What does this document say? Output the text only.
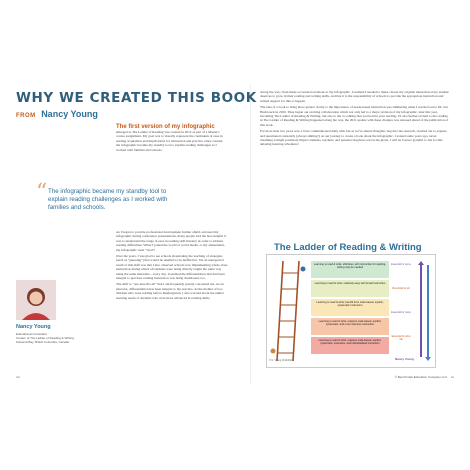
WHY WE CREATED THIS BOOK
FROM Nancy Young
The first version of my infographic emerged as The Ladder of Reading was created in 2012 as part of a Master's course assignment. My goal was to visually represent the continuum of ease in reading acquisition and implications for instruction and practice. Once created, the infographic became my standby tool to explain reading challenges as I worked with families and schools.
“ The infographic became my standby tool to explain reading challenges as I worked with families and schools.
As I began to provide professional development further afield, and used my infographic during conference presentations, many people told me how helpful it was to understand the range of ease in reading skill mastery in order to address reading difficulties. When I joined the world of social media, to my amazement, my infographic went "viral"!
Over the years, I was glad to see schools abandoning the teaching of strategies (such as "guessing") that would be deemed to be ineffective. Yet an unexpected result of this shift was that I also observed schools now implementing whole-class instruction during which all students were being directly taught the same way using the same materials—every day. It seemed the differentiation that had been integral to previous reading instruction was being abandoned, too.
The shift to "one-size-fits-all" that I am frequently greatly concerned me. As an educator, differentiation has been integral to my practice. At the mother of two children who were reading before Kindergarten, I also worried about the unmet learning needs of students who were more advanced in reading skills.
Nancy Young
Educational Consultant
Creator of The Ladder of Reading & Writing
Kelowna Bay, British Columbia, Canada
xvi
Along the way, I had made occasional revisions to my infographic. I realized I needed to make clearer my original intent that every student deserves to grow in their reading and writing skills, and that it is the responsibility of schools to provide the appropriate instruction and related support for this to happen.
The idea of a book to bring more greater clarity to the importance of needs-based instruction was simmering when I reached out to Dr. Jan Hasbrouck in 2020. Thus began our exciting collaboration which not only led to a major revision of my infographic, later this year, becoming The Ladder of Reading & Writing, but also to the co-editing that you hold in your reading. I'd also further revised to the reading in The Ladder of Reading & Writing happened along the way, the 2021 update with these changes was released ahead of the publication of this book.
For more than two years now, I have communicated daily with Jan as we've shared thoughts, dug into the research, reached out to experts, and questioned constantly (always smiling!) on our journey to create a book about the infographic. I extend some years ago, never dreaming it might positively impact students, teachers, and parents/caregivers across the globe. I will be forever grateful to Jan for this amazing learning adventure!
The Ladder of Reading & Writing
Learning to read & write: effortless, with instruction for spelling-writing may be needed
Learning to read & write: relatively easy with broad instruction
Learning to read & write: benefit from code-based, explicit, systematic instruction
Learning to read & write: requires code-based, explicit, systematic, and more intensive instruction
Learning to read & write: requires code-based, explicit, systematic, extensive, and individualized instruction
Essential for some
Beneficial for all
Essential for many
Essential for all at risk
© N. Young 2012/2022	Nancy Young
© Benchmark Education Company LLC xv
